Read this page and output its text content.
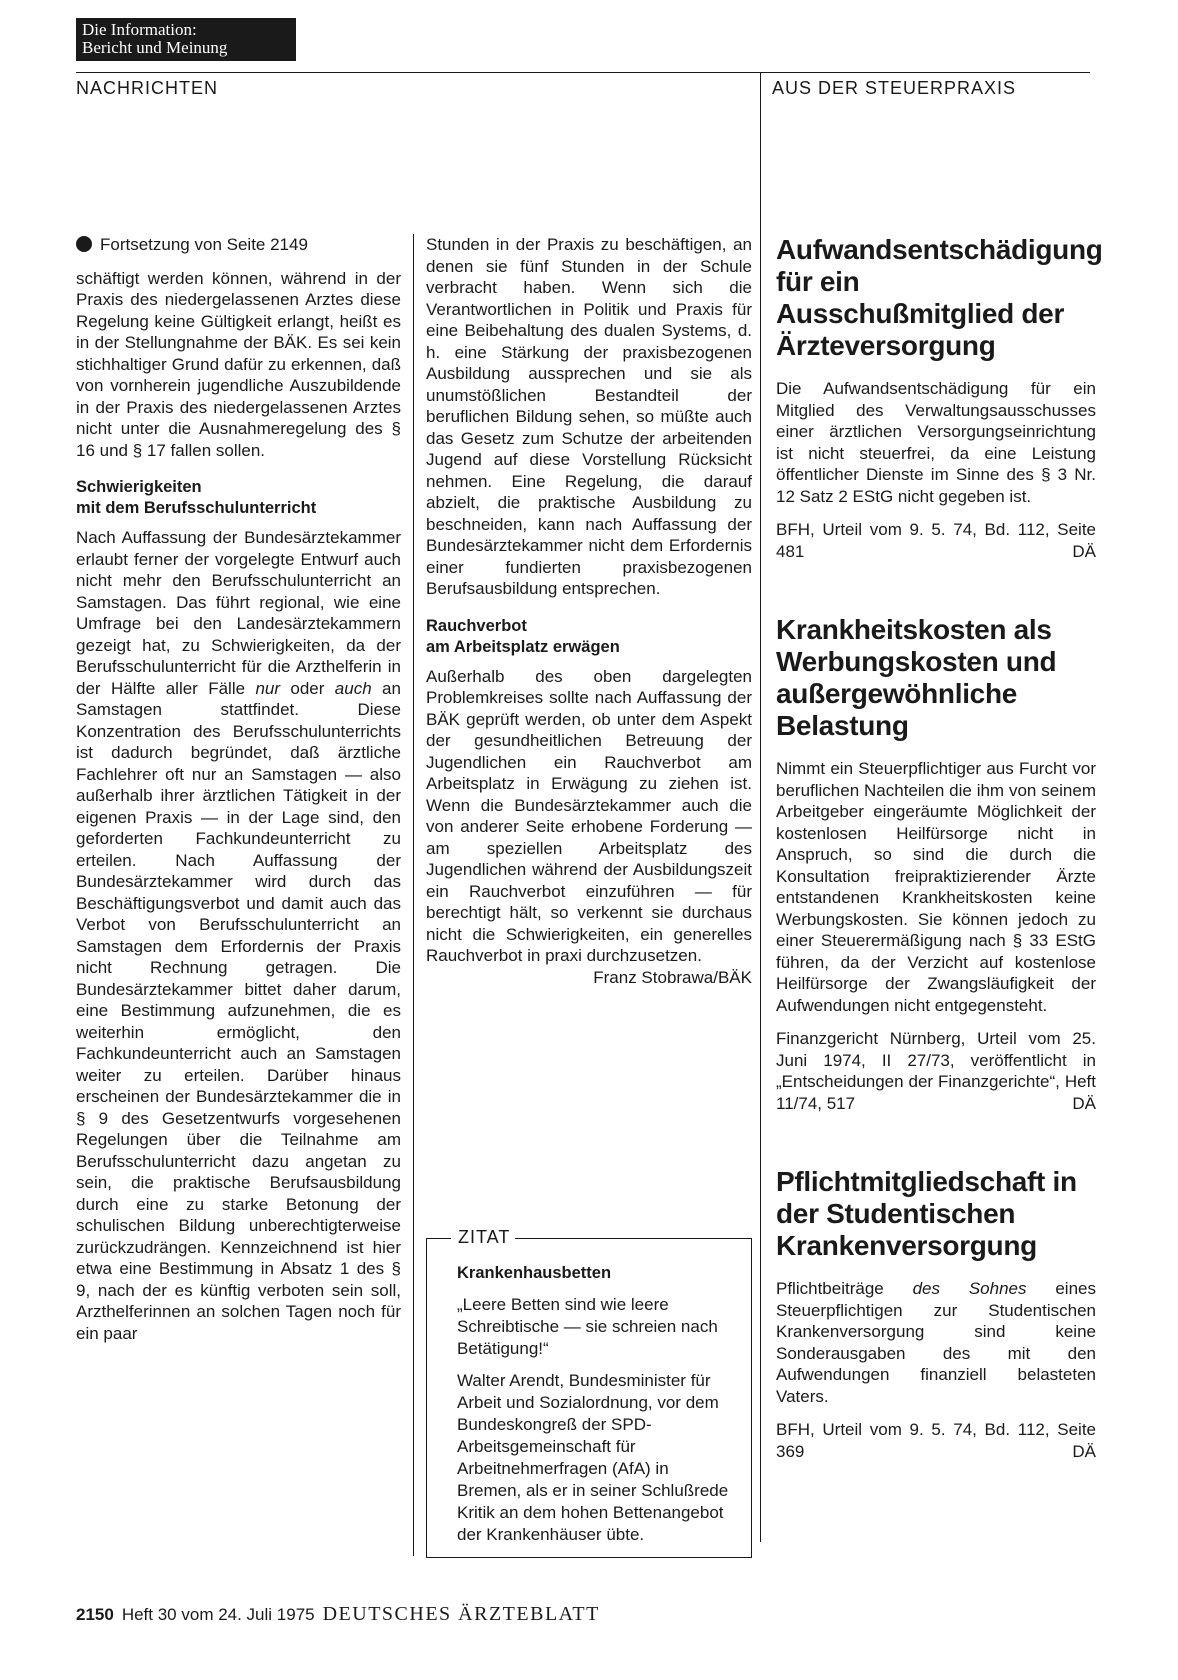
Die Information:
Bericht und Meinung
NACHRICHTEN	AUS DER STEUERPRAXIS
Fortsetzung von Seite 2149

schäftigt werden können, während in der Praxis des niedergelassenen Arztes diese Regelung keine Gültigkeit erlangt, heißt es in der Stellungnahme der BÄK. Es sei kein stichhaltiger Grund dafür zu erkennen, daß von vornherein jugendliche Auszubildende in der Praxis des niedergelassenen Arztes nicht unter die Ausnahmeregelung des § 16 und § 17 fallen sollen.

Schwierigkeiten
mit dem Berufsschulunterricht

Nach Auffassung der Bundesärztekammer erlaubt ferner der vorgelegte Entwurf auch nicht mehr den Berufsschulunterricht an Samstagen. Das führt regional, wie eine Umfrage bei den Landesärztekammern gezeigt hat, zu Schwierigkeiten, da der Berufsschulunterricht für die Arzthelferin in der Hälfte aller Fälle nur oder auch an Samstagen stattfindet. Diese Konzentration des Berufsschulunterrichts ist dadurch begründet, daß ärztliche Fachlehrer oft nur an Samstagen — also außerhalb ihrer ärztlichen Tätigkeit in der eigenen Praxis — in der Lage sind, den geforderten Fachkundeunterricht zu erteilen. Nach Auffassung der Bundesärztekammer wird durch das Beschäftigungsverbot und damit auch das Verbot von Berufsschulunterricht an Samstagen dem Erfordernis der Praxis nicht Rechnung getragen. Die Bundesärztekammer bittet daher darum, eine Bestimmung aufzunehmen, die es weiterhin ermöglicht, den Fachkundeunterricht auch an Samstagen weiter zu erteilen. Darüber hinaus erscheinen der Bundesärztekammer die in § 9 des Gesetzentwurfs vorgesehenen Regelungen über die Teilnahme am Berufsschulunterricht dazu angetan zu sein, die praktische Berufsausbildung durch eine zu starke Betonung der schulischen Bildung unberechtigterweise zurückzudrängen. Kennzeichnend ist hier etwa eine Bestimmung in Absatz 1 des § 9, nach der es künftig verboten sein soll, Arzthelferinnen an solchen Tagen noch für ein paar

Stunden in der Praxis zu beschäftigen, an denen sie fünf Stunden in der Schule verbracht haben. Wenn sich die Verantwortlichen in Politik und Praxis für eine Beibehaltung des dualen Systems, d. h. eine Stärkung der praxisbezogenen Ausbildung aussprechen und sie als unumstößlichen Bestandteil der beruflichen Bildung sehen, so müßte auch das Gesetz zum Schutze der arbeitenden Jugend auf diese Vorstellung Rücksicht nehmen. Eine Regelung, die darauf abzielt, die praktische Ausbildung zu beschneiden, kann nach Auffassung der Bundesärztekammer nicht dem Erfordernis einer fundierten praxisbezogenen Berufsausbildung entsprechen.

Rauchverbot
am Arbeitsplatz erwägen

Außerhalb des oben dargelegten Problemkreises sollte nach Auffassung der BÄK geprüft werden, ob unter dem Aspekt der gesundheitlichen Betreuung der Jugendlichen ein Rauchverbot am Arbeitsplatz in Erwägung zu ziehen ist. Wenn die Bundesärztekammer auch die von anderer Seite erhobene Forderung — am speziellen Arbeitsplatz des Jugendlichen während der Ausbildungszeit ein Rauchverbot einzuführen — für berechtigt hält, so verkennt sie durchaus nicht die Schwierigkeiten, ein generelles Rauchverbot in praxi durchzusetzen.

Franz Stobrawa/BÄK
ZITAT
Krankenhausbetten

„Leere Betten sind wie leere Schreibtische — sie schreien nach Betätigung!“

Walter Arendt, Bundesminister für Arbeit und Sozialordnung, vor dem Bundeskongreß der SPD-Arbeitsgemeinschaft für Arbeitnehmerfragen (AfA) in Bremen, als er in seiner Schlußrede Kritik an dem hohen Bettenangebot der Krankenhäuser übte.

Aufwandsentschädigung für ein Ausschußmitglied der Ärzteversorgung

Die Aufwandsentschädigung für ein Mitglied des Verwaltungsausschusses einer ärztlichen Versorgungseinrichtung ist nicht steuerfrei, da eine Leistung öffentlicher Dienste im Sinne des § 3 Nr. 12 Satz 2 EStG nicht gegeben ist.

BFH, Urteil vom 9. 5. 74, Bd. 112, Seite 481	DÄ

Krankheitskosten als Werbungskosten und außergewöhnliche Belastung

Nimmt ein Steuerpflichtiger aus Furcht vor beruflichen Nachteilen die ihm von seinem Arbeitgeber eingeräumte Möglichkeit der kostenlosen Heilfürsorge nicht in Anspruch, so sind die durch die Konsultation freipraktizierender Ärzte entstandenen Krankheitskosten keine Werbungskosten. Sie können jedoch zu einer Steuerermäßigung nach § 33 EStG führen, da der Verzicht auf kostenlose Heilfürsorge der Zwangsläufigkeit der Aufwendungen nicht entgegensteht.

Finanzgericht Nürnberg, Urteil vom 25. Juni 1974, II 27/73, veröffentlicht in „Entscheidungen der Finanzgerichte“, Heft 11/74, 517	DÄ

Pflichtmitgliedschaft in der Studentischen Krankenversorgung

Pflichtbeiträge des Sohnes eines Steuerpflichtigen zur Studentischen Krankenversorgung sind keine Sonderausgaben des mit den Aufwendungen finanziell belasteten Vaters.

BFH, Urteil vom 9. 5. 74, Bd. 112, Seite 369	DÄ

2150 Heft 30 vom 24. Juli 1975 DEUTSCHES ÄRZTEBLATT
